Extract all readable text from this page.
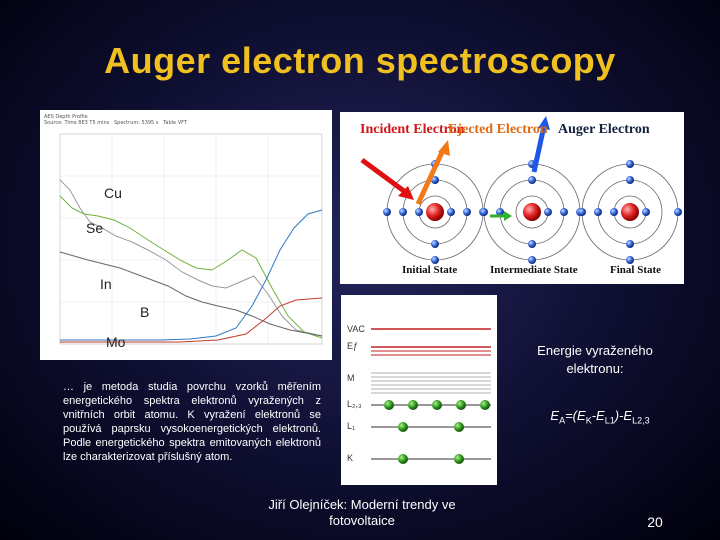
Auger electron spectroscopy
AES Depth Profile
Source: Time 8E3 T5 mins   Spectrum: 5395 s   Table VFT
Cu
Se
In
B
Mo
Incident Electron
Ejected Electron Auger Electron
Initial State	Intermediate State	Final State
VAC
Eƒ
M
L₂,₃
L₁
K
… je metoda studia povrchu vzorků měřením energetického spektra elektronů vyražených z vnitřních orbit atomu. K vyražení elektronů se používá paprsku vysokoenergetických elektronů. Podle energetického spektra emitovaných elektronů lze charakterizovat příslušný atom.
Energie vyraženého elektronu:
$E_A=(E_K-E_{L1})-E_{L2,3}$
Jiří Olejníček: Moderní trendy ve fotovoltaice	20
